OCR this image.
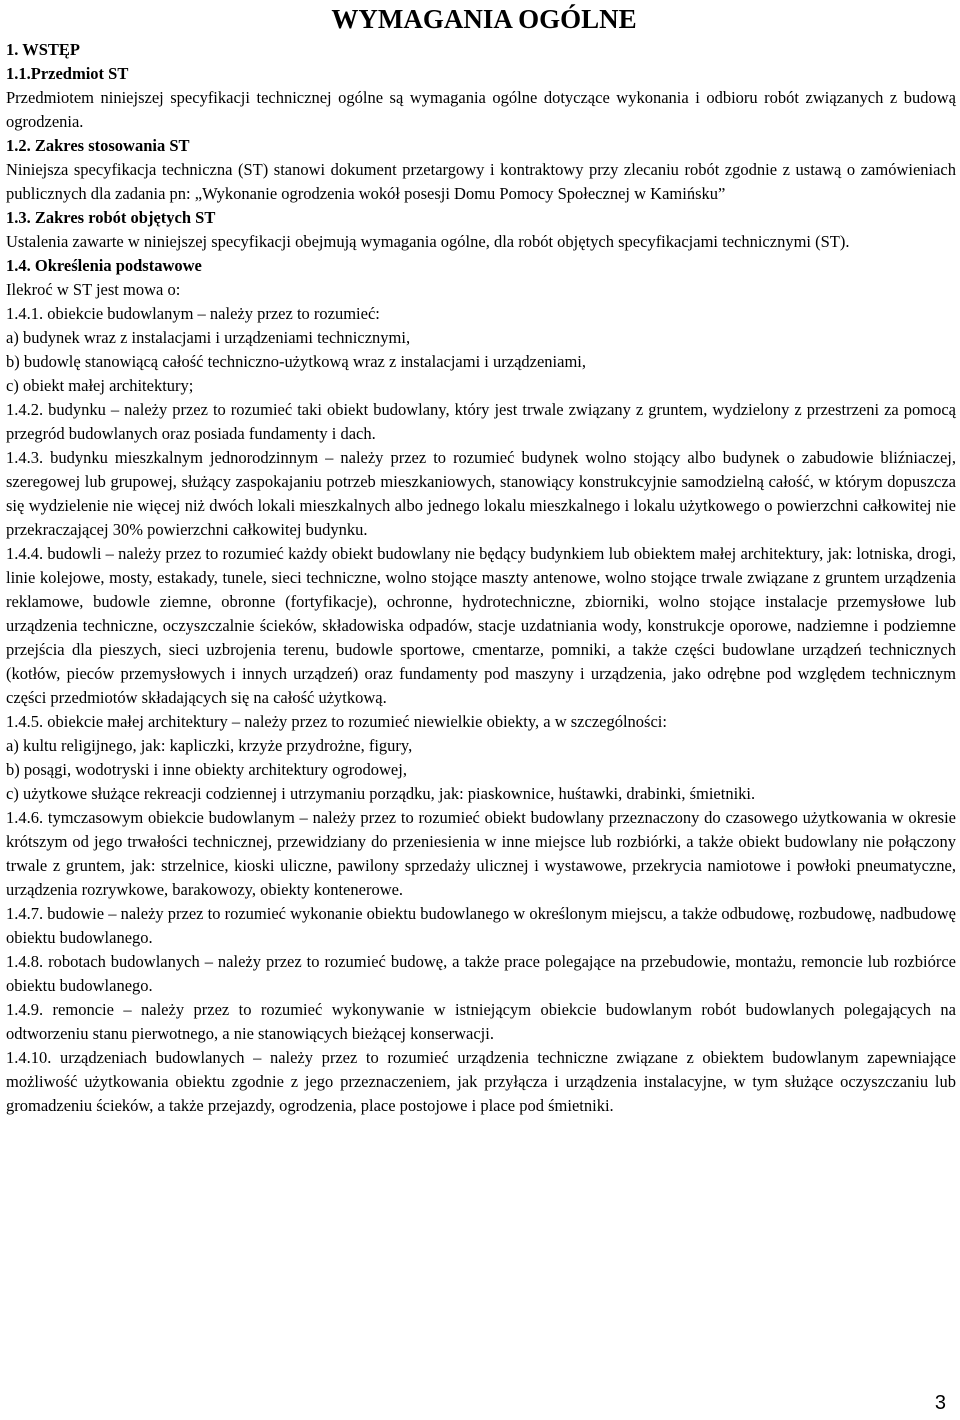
WYMAGANIA OGÓLNE
1. WSTĘP
1.1.Przedmiot ST
Przedmiotem niniejszej specyfikacji technicznej ogólne są wymagania ogólne dotyczące wykonania i odbioru robót związanych z budową ogrodzenia.
1.2. Zakres stosowania ST
Niniejsza specyfikacja techniczna (ST) stanowi dokument przetargowy i kontraktowy przy zlecaniu robót zgodnie z ustawą o zamówieniach publicznych dla zadania pn: „Wykonanie ogrodzenia wokół posesji Domu Pomocy Społecznej w Kamińsku”
1.3. Zakres robót objętych ST
Ustalenia zawarte w niniejszej specyfikacji obejmują wymagania ogólne, dla robót objętych specyfikacjami technicznymi (ST).
1.4. Określenia podstawowe
Ilekroć w ST jest mowa o:
1.4.1. obiekcie budowlanym – należy przez to rozumieć:
a) budynek wraz z instalacjami i urządzeniami technicznymi,
b) budowlę stanowiącą całość techniczno-użytkową wraz z instalacjami i urządzeniami,
c) obiekt małej architektury;
1.4.2. budynku – należy przez to rozumieć taki obiekt budowlany, który jest trwale związany z gruntem, wydzielony z przestrzeni za pomocą przegród budowlanych oraz posiada fundamenty i dach.
1.4.3. budynku mieszkalnym jednorodzinnym – należy przez to rozumieć budynek wolno stojący albo budynek o zabudowie bliźniaczej, szeregowej lub grupowej, służący zaspokajaniu potrzeb mieszkaniowych, stanowiący konstrukcyjnie samodzielną całość, w którym dopuszcza się wydzielenie nie więcej niż dwóch lokali mieszkalnych albo jednego lokalu mieszkalnego i lokalu użytkowego o powierzchni całkowitej nie przekraczającej 30% powierzchni całkowitej budynku.
1.4.4. budowli – należy przez to rozumieć każdy obiekt budowlany nie będący budynkiem lub obiektem małej architektury, jak: lotniska, drogi, linie kolejowe, mosty, estakady, tunele, sieci techniczne, wolno stojące maszty antenowe, wolno stojące trwale związane z gruntem urządzenia reklamowe, budowle ziemne, obronne (fortyfikacje), ochronne, hydrotechniczne, zbiorniki, wolno stojące instalacje przemysłowe lub urządzenia techniczne, oczyszczalnie ścieków, składowiska odpadów, stacje uzdatniania wody, konstrukcje oporowe, nadziemne i podziemne przejścia dla pieszych, sieci uzbrojenia terenu, budowle sportowe, cmentarze, pomniki, a także części budowlane urządzeń technicznych (kotłów, pieców przemysłowych i innych urządzeń) oraz fundamenty pod maszyny i urządzenia, jako odrębne pod względem technicznym części przedmiotów składających się na całość użytkową.
1.4.5. obiekcie małej architektury – należy przez to rozumieć niewielkie obiekty, a w szczególności:
a) kultu religijnego, jak: kapliczki, krzyże przydrożne, figury,
b) posągi, wodotryski i inne obiekty architektury ogrodowej,
c) użytkowe służące rekreacji codziennej i utrzymaniu porządku, jak: piaskownice, huśtawki, drabinki, śmietniki.
1.4.6. tymczasowym obiekcie budowlanym – należy przez to rozumieć obiekt budowlany przeznaczony do czasowego użytkowania w okresie krótszym od jego trwałości technicznej, przewidziany do przeniesienia w inne miejsce lub rozbiórki, a także obiekt budowlany nie połączony trwale z gruntem, jak: strzelnice, kioski uliczne, pawilony sprzedaży ulicznej i wystawowe, przekrycia namiotowe i powłoki pneumatyczne, urządzenia rozrywkowe, barakowozy, obiekty kontenerowe.
1.4.7. budowie – należy przez to rozumieć wykonanie obiektu budowlanego w określonym miejscu, a także odbudowę, rozbudowę, nadbudowę obiektu budowlanego.
1.4.8. robotach budowlanych – należy przez to rozumieć budowę, a także prace polegające na przebudowie, montażu, remoncie lub rozbiórce obiektu budowlanego.
1.4.9. remoncie – należy przez to rozumieć wykonywanie w istniejącym obiekcie budowlanym robót budowlanych polegających na odtworzeniu stanu pierwotnego, a nie stanowiących bieżącej konserwacji.
1.4.10. urządzeniach budowlanych – należy przez to rozumieć urządzenia techniczne związane z obiektem budowlanym zapewniające możliwość użytkowania obiektu zgodnie z jego przeznaczeniem, jak przyłącza i urządzenia instalacyjne, w tym służące oczyszczaniu lub gromadzeniu ścieków, a także przejazdy, ogrodzenia, place postojowe i place pod śmietniki.
3
